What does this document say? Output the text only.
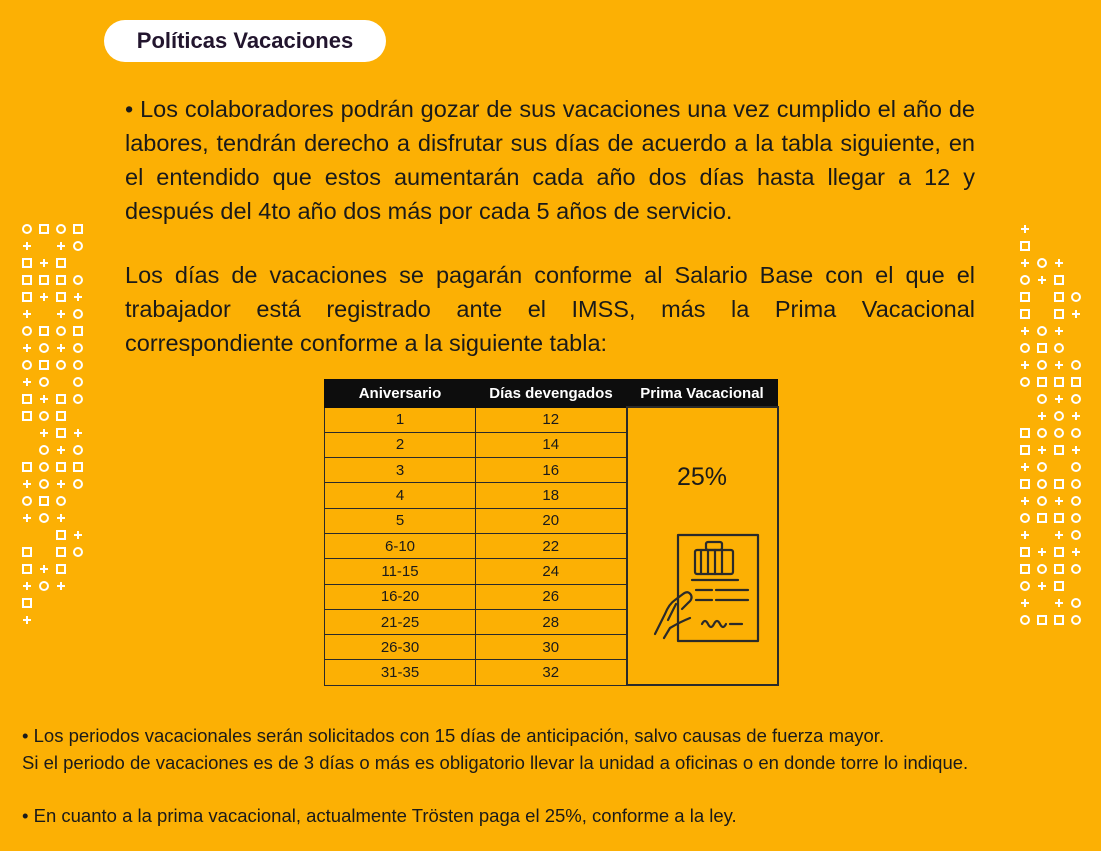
Políticas Vacaciones

• Los colaboradores podrán gozar de sus vacaciones una vez cumplido el año de labores, tendrán derecho a disfrutar sus días de acuerdo a la tabla siguiente, en el entendido que estos aumentarán cada año dos días hasta llegar a 12 y después del 4to año dos más por cada 5 años de servicio.

Los días de vacaciones se pagarán conforme al Salario Base con el que el trabajador está registrado ante el IMSS, más la Prima Vacacional correspondiente conforme a la siguiente tabla:

Aniversario	Días devengados	Prima Vacacional
1	12	25%

2	14	
3	16	
4	18	
5	20	
6-10	22	
11-15	24	
16-20	26	
21-25	28	
26-30	30	
31-35	32	

• Los periodos vacacionales serán solicitados con 15 días de anticipación, salvo causas de fuerza mayor.

Si el periodo de vacaciones es de 3 días o más es obligatorio llevar la unidad a oficinas o en donde torre lo indique.

• En cuanto a la prima vacacional, actualmente Trösten paga el 25%, conforme a la ley.
